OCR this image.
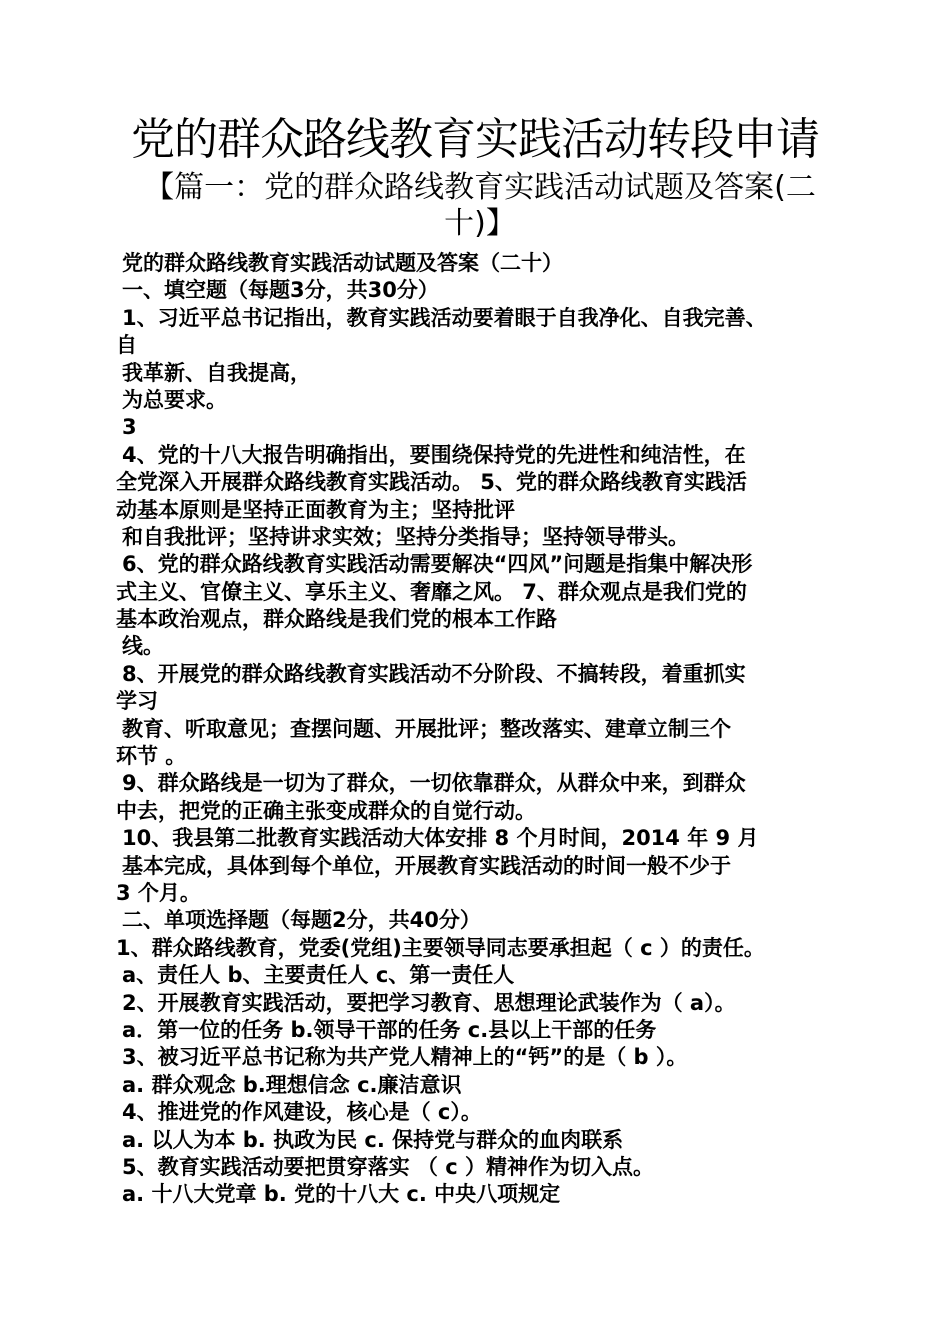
党的群众路线教育实践活动转段申请
【篇一：党的群众路线教育实践活动试题及答案(二
十)】
党的群众路线教育实践活动试题及答案（二十）
一、填空题（每题3分，共30分）
1、习近平总书记指出，教育实践活动要着眼于自我净化、自我完善、
自
我革新、自我提高，
为总要求。
3
4、党的十八大报告明确指出，要围绕保持党的先进性和纯洁性，在
全党深入开展群众路线教育实践活动。 5、党的群众路线教育实践活
动基本原则是坚持正面教育为主；坚持批评
和自我批评；坚持讲求实效；坚持分类指导；坚持领导带头。
6、党的群众路线教育实践活动需要解决“四风”问题是指集中解决形
式主义、官僚主义、享乐主义、奢靡之风。 7、群众观点是我们党的
基本政治观点，群众路线是我们党的根本工作路
线。
8、开展党的群众路线教育实践活动不分阶段、不搞转段，着重抓实
学习
教育、听取意见；查摆问题、开展批评；整改落实、建章立制三个
环节 。
9、群众路线是一切为了群众，一切依靠群众，从群众中来，到群众
中去，把党的正确主张变成群众的自觉行动。
10、我县第二批教育实践活动大体安排 8 个月时间，2014 年 9 月
基本完成，具体到每个单位，开展教育实践活动的时间一般不少于
3 个月。
二、单项选择题（每题2分，共40分）
1、群众路线教育，党委(党组)主要领导同志要承担起（ c ）的责任。
a、责任人 b、主要责任人 c、第一责任人
2、开展教育实践活动，要把学习教育、思想理论武装作为（ a）。
a．第一位的任务 b.领导干部的任务 c.县以上干部的任务
3、被习近平总书记称为共产党人精神上的“钙”的是（ b ）。
a. 群众观念 b.理想信念 c.廉洁意识
4、推进党的作风建设，核心是（ c）。
a. 以人为本 b. 执政为民 c. 保持党与群众的血肉联系
5、教育实践活动要把贯穿落实 （ c ）精神作为切入点。
a. 十八大党章 b. 党的十八大 c. 中央八项规定
